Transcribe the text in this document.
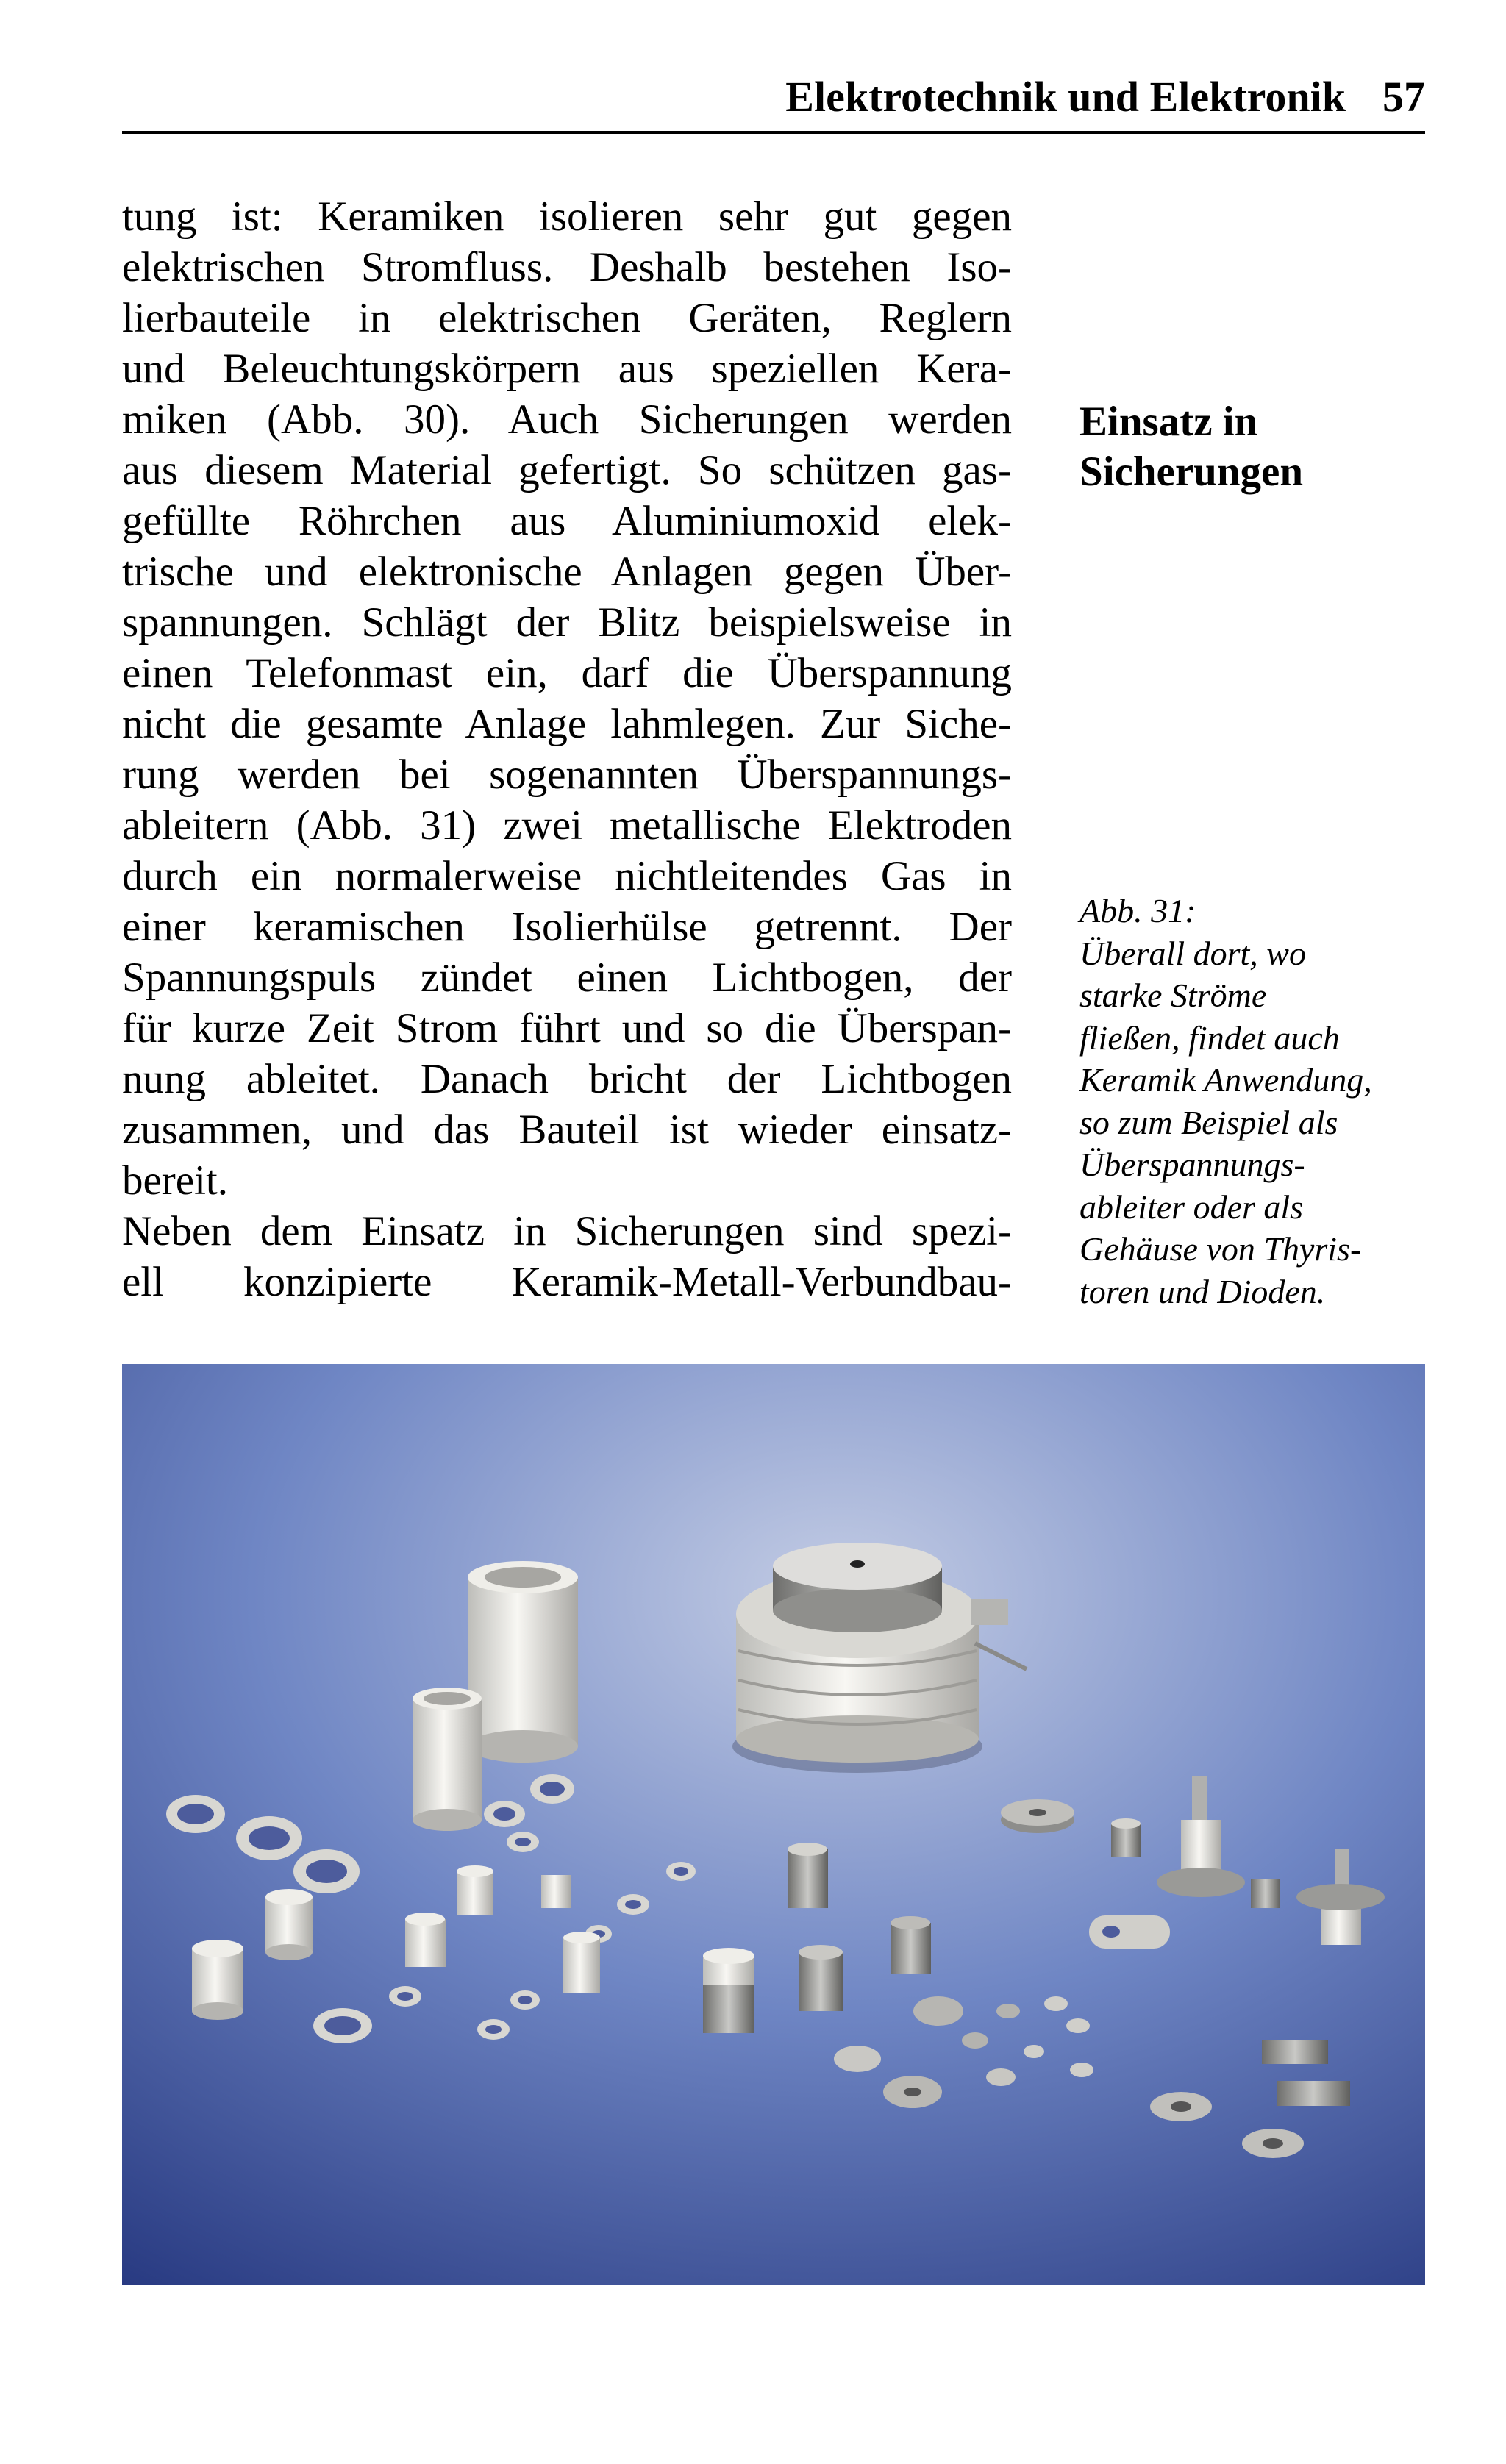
Elektrotechnik und Elektronik 57
tung ist: Keramiken isolieren sehr gut gegen
elektrischen Stromfluss. Deshalb bestehen Iso-
lierbauteile in elektrischen Geräten, Reglern
und Beleuchtungskörpern aus speziellen Kera-
miken (Abb. 30). Auch Sicherungen werden
aus diesem Material gefertigt. So schützen gas-
gefüllte Röhrchen aus Aluminiumoxid elek-
trische und elektronische Anlagen gegen Über-
spannungen. Schlägt der Blitz beispielsweise in
einen Telefonmast ein, darf die Überspannung
nicht die gesamte Anlage lahmlegen. Zur Siche-
rung werden bei sogenannten Überspannungs-
ableitern (Abb. 31) zwei metallische Elektroden
durch ein normalerweise nichtleitendes Gas in
einer keramischen Isolierhülse getrennt. Der
Spannungspuls zündet einen Lichtbogen, der
für kurze Zeit Strom führt und so die Überspan-
nung ableitet. Danach bricht der Lichtbogen
zusammen, und das Bauteil ist wieder einsatz-
bereit.
Neben dem Einsatz in Sicherungen sind spezi-
ell konzipierte Keramik-Metall-Verbundbau-
Einsatz in
Sicherungen
Abb. 31:
Überall dort, wo
starke Ströme
fließen, findet auch
Keramik Anwendung,
so zum Beispiel als
Überspannungs-
ableiter oder als
Gehäuse von Thyris-
toren und Dioden.
